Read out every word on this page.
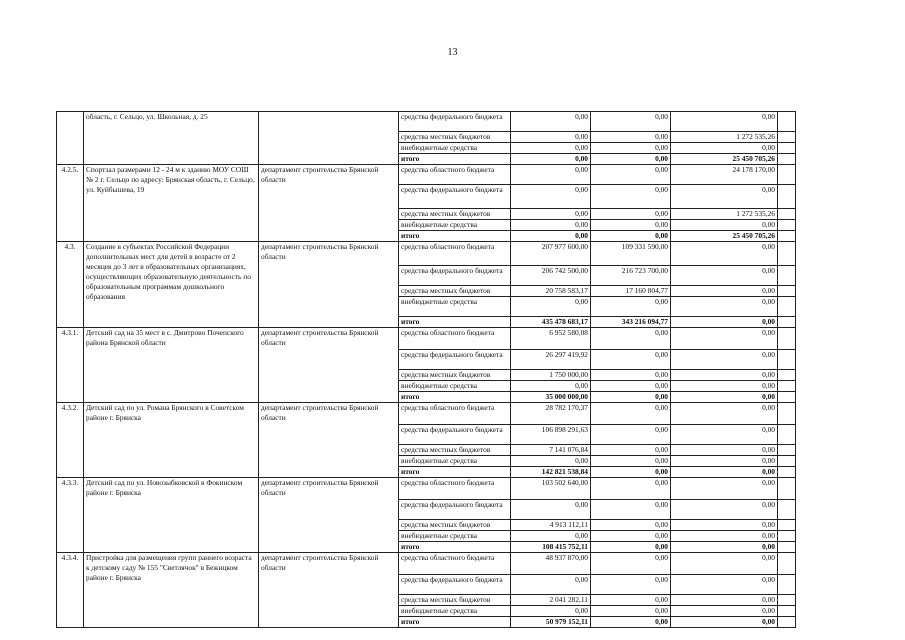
13
	область, г. Сельцо, ул. Школьная, д. 25		средства федерального бюджета	0,00	0,00	0,00	
			средства местных бюджетов	0,00	0,00	1 272 535,26	
			внебюджетные средства	0,00	0,00	0,00	
			итого	0,00	0,00	25 450 705,26	
4.2.5.	Спортзал размерами 12 - 24 м к зданию МОУ СОШ № 2 г. Сельцо по адресу: Брянская область, г. Сельцо, ул. Куйбышева, 19	департамент строительства Брянской области	средства областного бюджета	0,00	0,00	24 178 170,00	
			средства федерального бюджета	0,00	0,00	0,00	
			средства местных бюджетов	0,00	0,00	1 272 535,26	
			внебюджетные средства	0,00	0,00	0,00	
			итого	0,00	0,00	25 450 705,26	
4.3.	Создание в субъектах Российской Федерации дополнительных мест для детей в возрасте от 2 месяцев до 3 лет в образовательных организациях, осуществляющих образовательную деятельность по образовательным программам дошкольного образования	департамент строительства Брянской области	средства областного бюджета	207 977 600,00	109 331 590,00	0,00	
			средства федерального бюджета	206 742 500,00	216 723 700,00	0,00	
			средства местных бюджетов	20 758 583,17	17 160 804,77	0,00	
			внебюджетные средства	0,00	0,00	0,00	
			итого	435 478 683,17	343 216 094,77	0,00	
4.3.1.	Детский сад на 35 мест в с. Дмитрово Почепского района Брянской области	департамент строительства Брянской области	средства областного бюджета	6 952 580,08	0,00	0,00	
			средства федерального бюджета	26 297 419,92	0,00	0,00	
			средства местных бюджетов	1 750 000,00	0,00	0,00	
			внебюджетные средства	0,00	0,00	0,00	
			итого	35 000 000,00	0,00	0,00	
4.3.2.	Детский сад по ул. Романа Брянского в Советском районе г. Брянска	департамент строительства Брянской области	средства областного бюджета	28 782 170,37	0,00	0,00	
			средства федерального бюджета	106 898 291,63	0,00	0,00	
			средства местных бюджетов	7 141 076,84	0,00	0,00	
			внебюджетные средства	0,00	0,00	0,00	
			итого	142 821 538,84	0,00	0,00	
4.3.3.	Детский сад по ул. Новозыбковской в Фокинском районе г. Брянска	департамент строительства Брянской области	средства областного бюджета	103 502 640,00	0,00	0,00	
			средства федерального бюджета	0,00	0,00	0,00	
			средства местных бюджетов	4 913 112,11	0,00	0,00	
			внебюджетные средства	0,00	0,00	0,00	
			итого	108 415 752,11	0,00	0,00	
4.3.4.	Пристройка для размещения групп раннего возраста к детскому саду № 155 "Светлячок" в Бежицком районе г. Брянска	департамент строительства Брянской области	средства областного бюджета	48 937 870,00	0,00	0,00	
			средства федерального бюджета	0,00	0,00	0,00	
			средства местных бюджетов	2 041 282,11	0,00	0,00	
			внебюджетные средства	0,00	0,00	0,00	
			итого	50 979 152,11	0,00	0,00	
